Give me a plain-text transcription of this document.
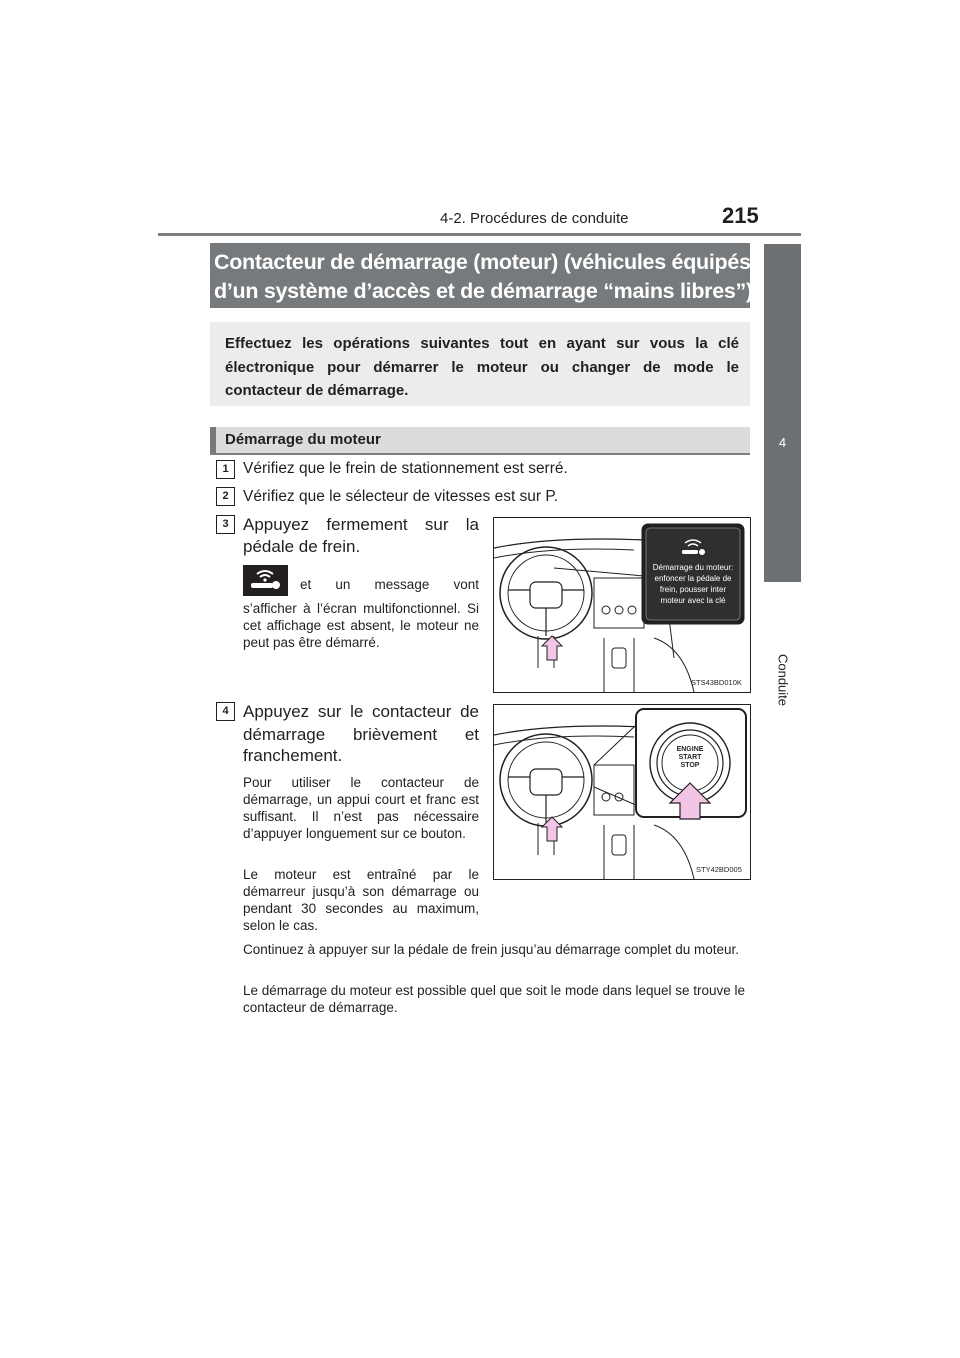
4-2. Procédures de conduite	215
4
Conduite
Contacteur de démarrage (moteur) (véhicules équipés
d’un système d’accès et de démarrage “mains libres”)
Effectuez les opérations suivantes tout en ayant sur vous la clé électronique pour démarrer le moteur ou changer de mode le contacteur de démarrage.
Démarrage du moteur
1 Vérifiez que le frein de stationnement est serré.
2 Vérifiez que le sélecteur de vitesses est sur P.
3 Appuyez fermement sur la
pédale de frein.
et un message vont
s’afficher à l’écran multifonctionnel. Si cet affichage est absent, le moteur ne peut pas être démarré.
Démarrage du moteur:
enfoncer la pédale de
frein, pousser inter
moteur avec la clé
STS43BD010K
4 Appuyez sur le contacteur de
démarrage brièvement et
franchement.
Pour utiliser le contacteur de démarrage, un appui court et franc est suffisant. Il n’est pas nécessaire d’appuyer longuement sur ce bouton.
Le moteur est entraîné par le démarreur jusqu’à son démarrage ou pendant 30 secondes au maximum, selon le cas.
ENGINE
START
STOP
STY42BD005
Continuez à appuyer sur la pédale de frein jusqu’au démarrage complet du moteur.
Le démarrage du moteur est possible quel que soit le mode dans lequel se trouve le contacteur de démarrage.
